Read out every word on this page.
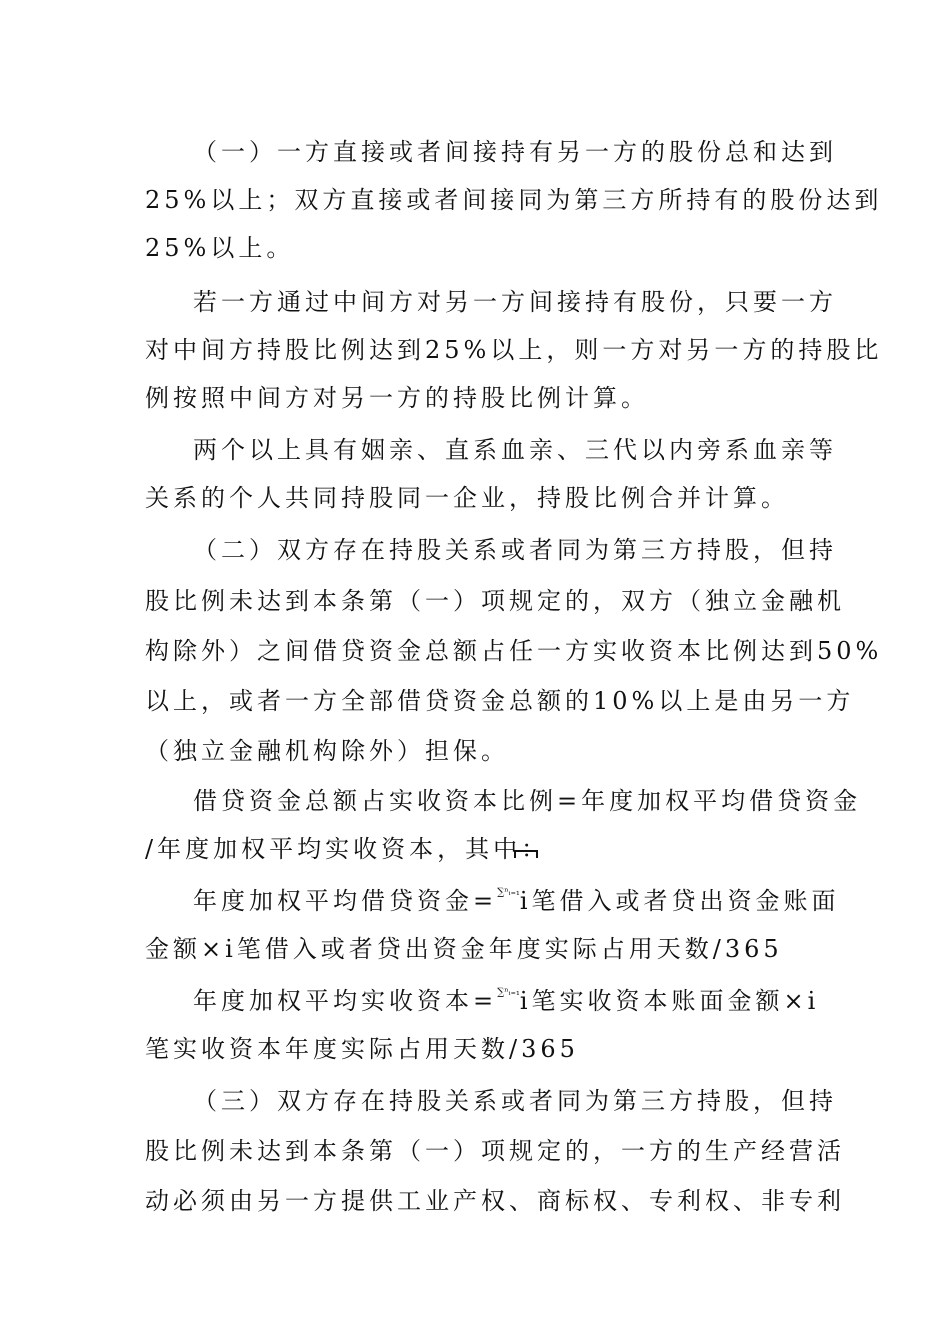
（一）一方直接或者间接持有另一方的股份总和达到
25%以上；双方直接或者间接同为第三方所持有的股份达到
25%以上。
若一方通过中间方对另一方间接持有股份，只要一方
对中间方持股比例达到25%以上，则一方对另一方的持股比
例按照中间方对另一方的持股比例计算。
两个以上具有姻亲、直系血亲、三代以内旁系血亲等
关系的个人共同持股同一企业，持股比例合并计算。
（二）双方存在持股关系或者同为第三方持股，但持
股比例未达到本条第（一）项规定的，双方（独立金融机
构除外）之间借贷资金总额占任一方实收资本比例达到50%
以上，或者一方全部借贷资金总额的10%以上是由另一方
（独立金融机构除外）担保。
借贷资金总额占实收资本比例=年度加权平均借贷资金
/年度加权平均实收资本，其中：
年度加权平均借贷资金=∑ⁿᵢ₌₁i笔借入或者贷出资金账面
金额×i笔借入或者贷出资金年度实际占用天数/365
年度加权平均实收资本=∑ⁿᵢ₌₁i笔实收资本账面金额×i
笔实收资本年度实际占用天数/365
（三）双方存在持股关系或者同为第三方持股，但持
股比例未达到本条第（一）项规定的，一方的生产经营活
动必须由另一方提供工业产权、商标权、专利权、非专利
